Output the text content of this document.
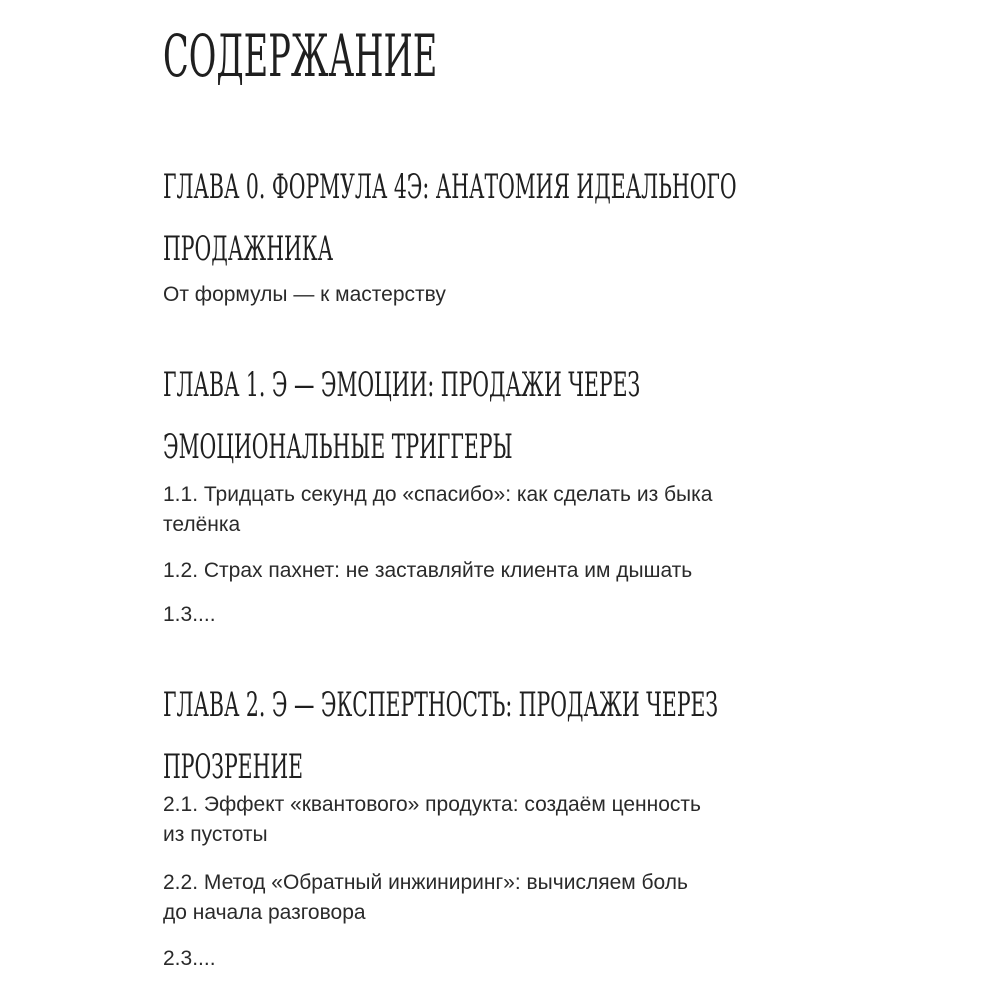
СОДЕРЖАНИЕ
ГЛАВА 0. ФОРМУЛА 4Э: АНАТОМИЯ ИДЕАЛЬНОГО
ПРОДАЖНИКА

От формулы — к мастерству

ГЛАВА 1. Э — ЭМОЦИИ: ПРОДАЖИ ЧЕРЕЗ
ЭМОЦИОНАЛЬНЫЕ ТРИГГЕРЫ

1.1. Тридцать секунд до «спасибо»: как сделать из быка
телёнка

1.2. Страх пахнет: не заставляйте клиента им дышать

1.3....

ГЛАВА 2. Э — ЭКСПЕРТНОСТЬ: ПРОДАЖИ ЧЕРЕЗ
ПРОЗРЕНИЕ

2.1. Эффект «квантового» продукта: создаём ценность
из пустоты

2.2. Метод «Обратный инжиниринг»: вычисляем боль
до начала разговора

2.3....
